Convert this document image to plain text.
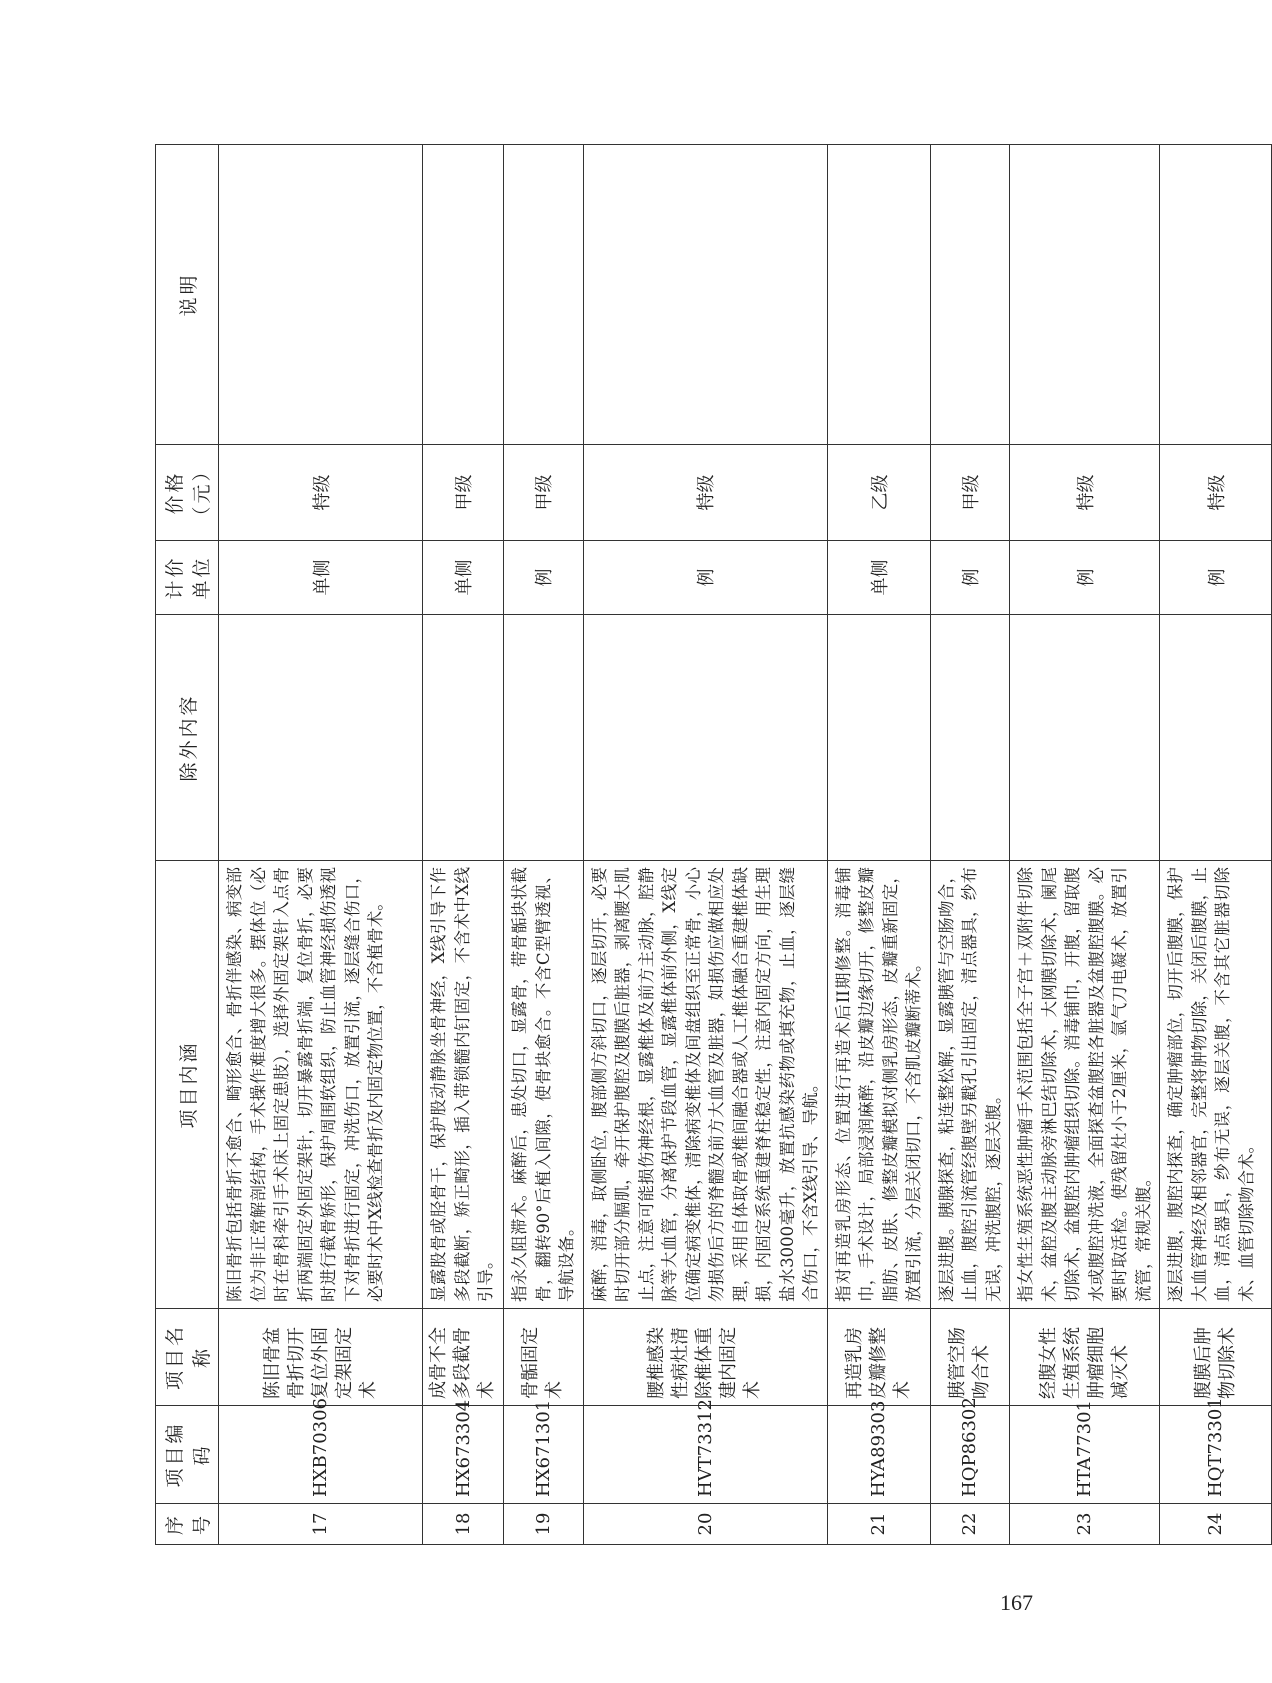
序号	项目编码	项目名称	项目内涵	除外内容	计价单位	价格（元）	说明
17	HXB70306	陈旧骨盆骨折切开复位外固定架固定术	陈旧骨折包括骨折不愈合、畸形愈合、骨折伴感染、病变部位为非正常解剖结构，手术操作难度增大很多。摆体位（必时在骨科牵引手术床上固定患肢），选择外固定架针入点骨折两端固定外固定架针，切开暴露骨折端，复位骨折，必要时进行截骨矫形，保护周围软组织，防止血管神经损伤透视下对骨折进行固定，冲洗伤口，放置引流，逐层缝合伤口，必要时术中X线检查骨折及内固定物位置，不含植骨术。		单侧	特级	
18	HX673304	成骨不全多段截骨术	显露股骨或胫骨干，保护股动静脉坐骨神经，X线引导下作多段截断，矫正畸形，插入带锁髓内钉固定，不含术中X线引导。		单侧	甲级	
19	HX671301	骨骺固定术	指永久阻滞术。麻醉后，患处切口，显露骨，带骨骺块状截骨，翻转90°后植入间隙，使骨块愈合。不含C型臂透视、导航设备。		例	甲级	
20	HVT73312	腰椎感染性病灶清除椎体重建内固定术	麻醉，消毒，取侧卧位，腹部侧方斜切口，逐层切开，必要时切开部分膈肌，牵开保护腹腔及腹膜后脏器，剥离腰大肌止点，注意可能损伤神经根，显露椎体及前方主动脉，腔静脉等大血管，分离保护节段血管，显露椎体前外侧，X线定位确定病变椎体，清除病变椎体及间盘组织至正常骨，小心勿损伤后方的脊髓及前方大血管及脏器，如损伤应做相应处理，采用自体取骨或椎间融合器或人工椎体融合重建椎体缺损，内固定系统重建脊柱稳定性，注意内固定方向，用生理盐水3000毫升，放置抗感染药物或填充物，止血，逐层缝合伤口，不含X线引导、导航。		例	特级	
21	HYA89303	再造乳房皮瓣修整术	指对再造乳房形态、位置进行再造术后II期修整。消毒铺巾，手术设计，局部浸润麻醉，沿皮瓣边缘切开，修整皮瓣脂肪、皮肤、修整皮瓣模拟对侧乳房形态，皮瓣重新固定，放置引流，分层关闭切口，不含肌皮瓣断蒂术。		单侧	乙级	
22	HQP86302	胰管空肠吻合术	逐层进腹。胰腺探查，粘连整松解，显露胰管与空肠吻合，止血，腹腔引流管经腹壁另戳孔引出固定，清点器具，纱布无误，冲洗腹腔，逐层关腹。		例	甲级	
23	HTA77301	经腹女性生殖系统肿瘤细胞减灭术	指女性生殖系统恶性肿瘤手术范围包括全子宫＋双附件切除术，盆腔及腹主动脉旁淋巴结切除术，大网膜切除术，阑尾切除术，盆腹腔内肿瘤组织切除。消毒铺巾，开腹，留取腹水或腹腔冲洗液，全面探查盆腹腔各脏器及盆腹腔腹膜。必要时取活检。使残留灶小于2厘米，氩气刀电凝术，放置引流管，常规关腹。		例	特级	
24	HQT73301	腹膜后肿物切除术	逐层进腹，腹腔内探查，确定肿瘤部位，切开后腹膜，保护大血管神经及相邻器官，完整将肿物切除，关闭后腹膜，止血，清点器具，纱布无误，逐层关腹，不含其它脏器切除术、血管切除吻合术。		例	特级	
167
